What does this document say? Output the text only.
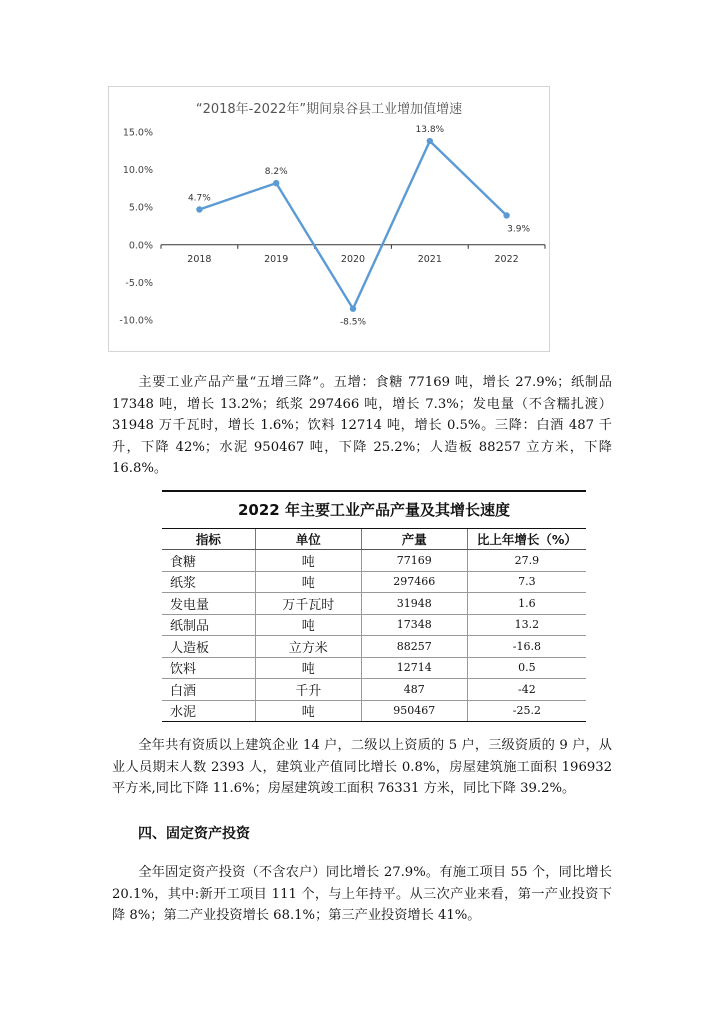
“2018年-2022年”期间泉谷县工业增加值增速
15.0%
10.0%
5.0%
0.0%
-5.0%
-10.0%
2018	2019	2020	2021	2022
4.7%
8.2%
-8.5%
13.8%
3.9%

主要工业产品产量“五增三降”。五增：食糖 77169 吨，增长 27.9%；纸制品 17348 吨，增长 13.2%；纸浆 297466 吨，增长 7.3%；发电量（不含糯扎渡）31948 万千瓦时，增长 1.6%；饮料 12714 吨，增长 0.5%。三降：白酒 487 千升，下降 42%；水泥 950467 吨，下降 25.2%；人造板 88257 立方米，下降 16.8%。

2022 年主要工业产品产量及其增长速度
指标	单位	产量	比上年增长（%）
食糖	吨	77169	27.9
纸浆	吨	297466	7.3
发电量	万千瓦时	31948	1.6
纸制品	吨	17348	13.2
人造板	立方米	88257	-16.8
饮料	吨	12714	0.5
白酒	千升	487	-42
水泥	吨	950467	-25.2

全年共有资质以上建筑企业 14 户，二级以上资质的 5 户，三级资质的 9 户，从业人员期末人数 2393 人，建筑业产值同比增长 0.8%，房屋建筑施工面积 196932 平方米,同比下降 11.6%；房屋建筑竣工面积 76331 方米，同比下降 39.2%。

四、固定资产投资

全年固定资产投资（不含农户）同比增长 27.9%。有施工项目 55 个，同比增长 20.1%，其中:新开工项目 111 个，与上年持平。从三次产业来看，第一产业投资下降 8%；第二产业投资增长 68.1%；第三产业投资增长 41%。
